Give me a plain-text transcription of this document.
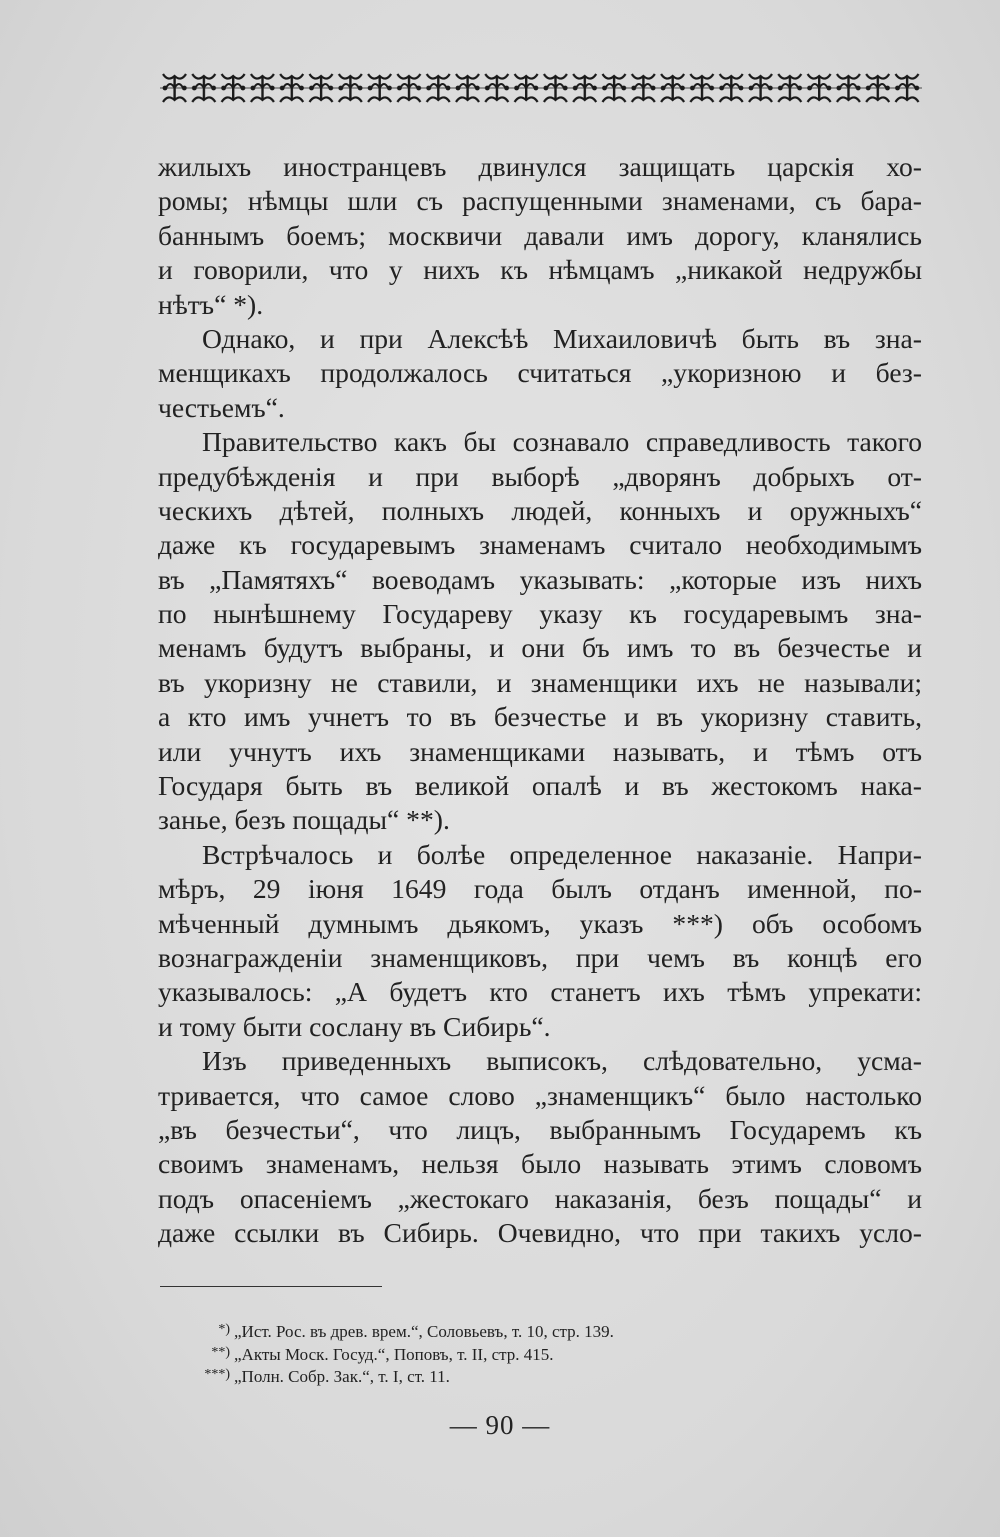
жилыхъ иностранцевъ двинулся защищать царскія хо-
ромы; нѣмцы шли съ распущенными знаменами, съ бара-
баннымъ боемъ; москвичи давали имъ дорогу, кланялись
и говорили, что у нихъ къ нѣмцамъ „никакой недружбы
нѣтъ“ *).
Однако, и при Алексѣѣ Михаиловичѣ быть въ зна-
менщикахъ продолжалось считаться „укоризною и без-
честьемъ“.
Правительство какъ бы сознавало справедливость такого
предубѣжденія и при выборѣ „дворянъ добрыхъ от-
ческихъ дѣтей, полныхъ людей, конныхъ и оружныхъ“
даже къ государевымъ знаменамъ считало необходимымъ
въ „Памятяхъ“ воеводамъ указывать: „которые изъ нихъ
по нынѣшнему Государеву указу къ государевымъ зна-
менамъ будутъ выбраны, и они бъ имъ то въ безчестье и
въ укоризну не ставили, и знаменщики ихъ не называли;
а кто имъ учнетъ то въ безчестье и въ укоризну ставить,
или учнутъ ихъ знаменщиками называть, и тѣмъ отъ
Государя быть въ великой опалѣ и въ жестокомъ нака-
занье, безъ пощады“ **).
Встрѣчалось и болѣе определенное наказаніе. Напри-
мѣръ, 29 іюня 1649 года былъ отданъ именной, по-
мѣченный думнымъ дьякомъ, указъ ***) объ особомъ
вознагражденіи знаменщиковъ, при чемъ въ концѣ его
указывалось: „А будетъ кто станетъ ихъ тѣмъ упрекати:
и тому быти сослану въ Сибирь“.
Изъ приведенныхъ выписокъ, слѣдовательно, усма-
тривается, что самое слово „знаменщикъ“ было настолько
„въ безчестьи“, что лицъ, выбраннымъ Государемъ къ
своимъ знаменамъ, нельзя было называть этимъ словомъ
подъ опасеніемъ „жестокаго наказанія, безъ пощады“ и
даже ссылки въ Сибирь. Очевидно, что при такихъ усло-
*) „Ист. Рос. въ древ. врем.“, Соловьевъ, т. 10, стр. 139.
**) „Акты Моск. Госуд.“, Поповъ, т. II, стр. 415.
***) „Полн. Собр. Зак.“, т. I, ст. 11.
— 90 —
